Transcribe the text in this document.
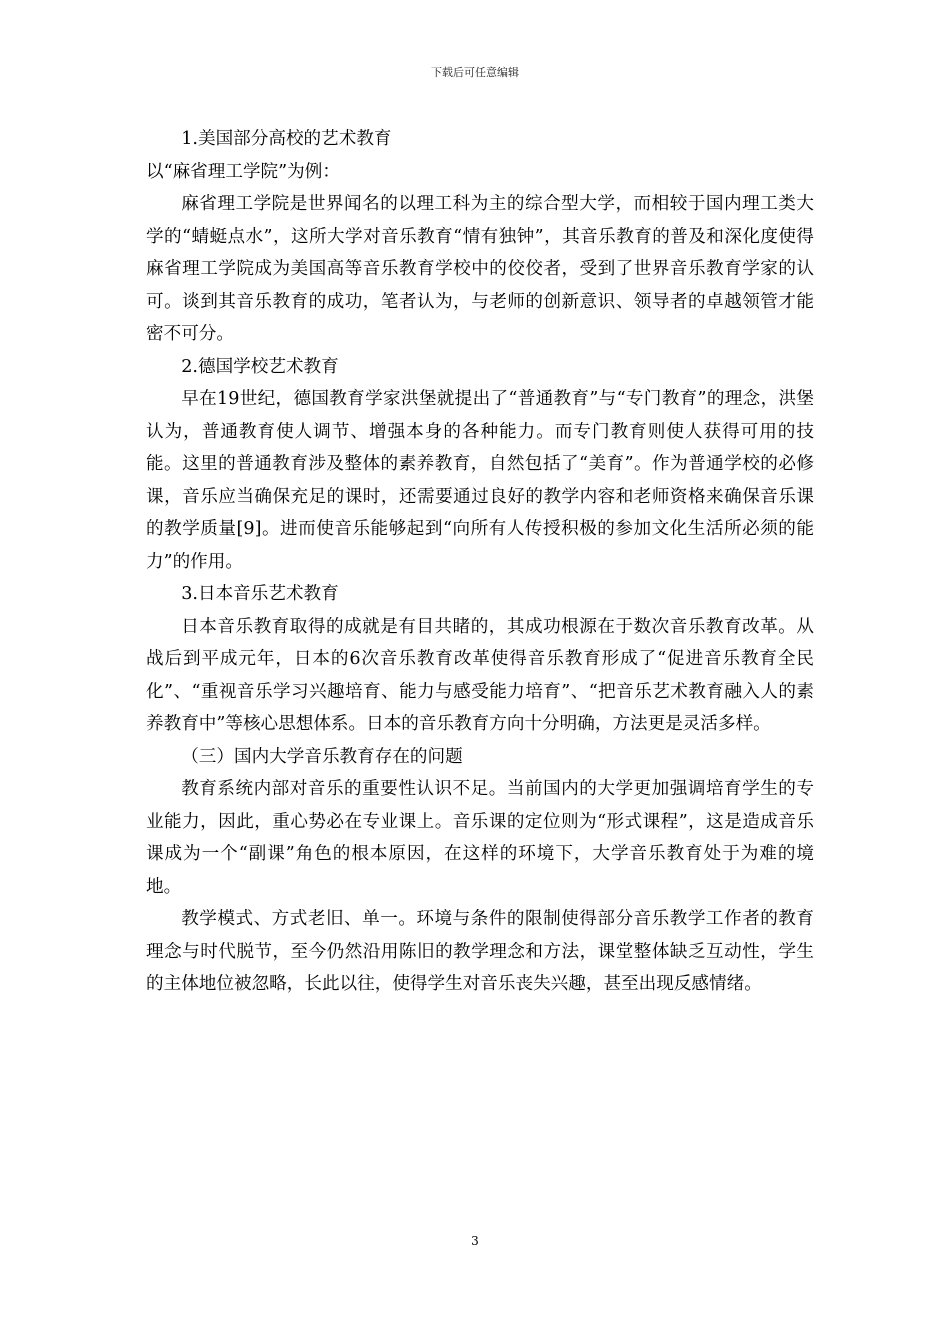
下载后可任意编辑

1.美国部分高校的艺术教育

以“麻省理工学院”为例：

麻省理工学院是世界闻名的以理工科为主的综合型大学，而相较于国内理工类大学的“蜻蜓点水”，这所大学对音乐教育“情有独钟”，其音乐教育的普及和深化度使得麻省理工学院成为美国高等音乐教育学校中的佼佼者，受到了世界音乐教育学家的认可。谈到其音乐教育的成功，笔者认为，与老师的创新意识、领导者的卓越领管才能密不可分。

2.德国学校艺术教育

早在19世纪，德国教育学家洪堡就提出了“普通教育”与“专门教育”的理念，洪堡认为，普通教育使人调节、增强本身的各种能力。而专门教育则使人获得可用的技能。这里的普通教育涉及整体的素养教育，自然包括了“美育”。作为普通学校的必修课，音乐应当确保充足的课时，还需要通过良好的教学内容和老师资格来确保音乐课的教学质量[9]。进而使音乐能够起到“向所有人传授积极的参加文化生活所必须的能力”的作用。

3.日本音乐艺术教育

日本音乐教育取得的成就是有目共睹的，其成功根源在于数次音乐教育改革。从战后到平成元年，日本的6次音乐教育改革使得音乐教育形成了“促进音乐教育全民化”、“重视音乐学习兴趣培育、能力与感受能力培育”、“把音乐艺术教育融入人的素养教育中”等核心思想体系。日本的音乐教育方向十分明确，方法更是灵活多样。

（三）国内大学音乐教育存在的问题

教育系统内部对音乐的重要性认识不足。当前国内的大学更加强调培育学生的专业能力，因此，重心势必在专业课上。音乐课的定位则为“形式课程”，这是造成音乐课成为一个“副课”角色的根本原因，在这样的环境下，大学音乐教育处于为难的境地。

教学模式、方式老旧、单一。环境与条件的限制使得部分音乐教学工作者的教育理念与时代脱节，至今仍然沿用陈旧的教学理念和方法，课堂整体缺乏互动性，学生的主体地位被忽略，长此以往，使得学生对音乐丧失兴趣，甚至出现反感情绪。

3
